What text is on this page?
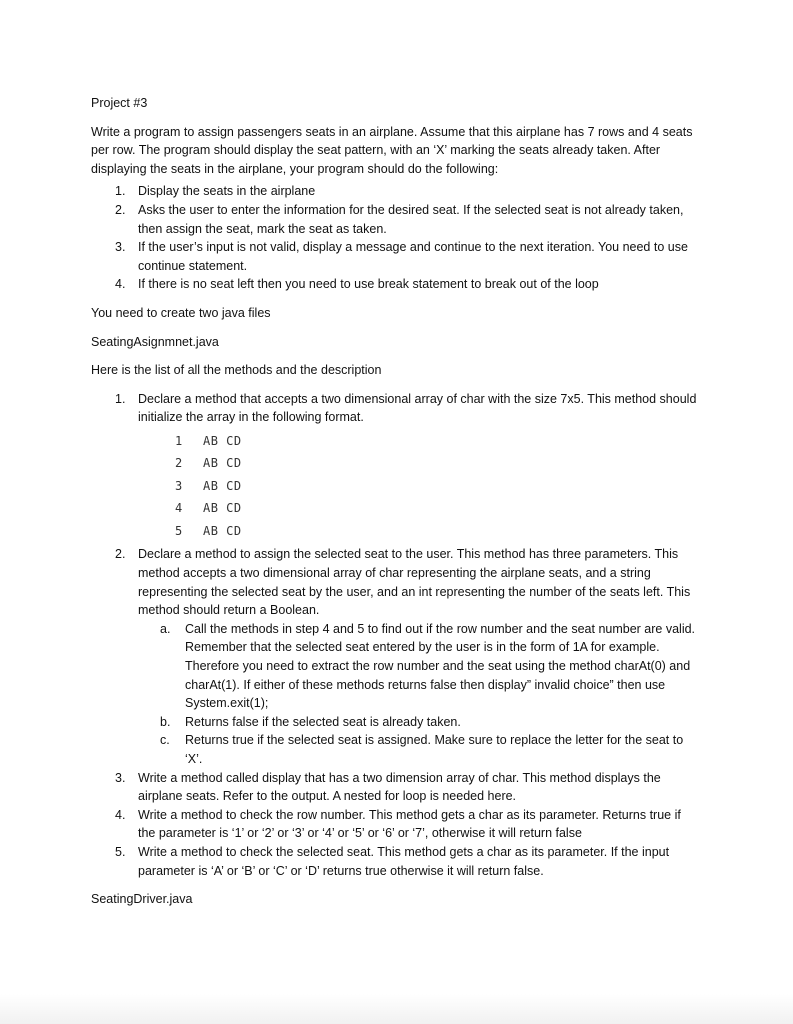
Project #3
Write a program to assign passengers seats in an airplane. Assume that this airplane has 7 rows and 4 seats per row. The program should display the seat pattern, with an ‘X’ marking the seats already taken. After displaying the seats in the airplane, your program should do the following:
1. Display the seats in the airplane
2. Asks the user to enter the information for the desired seat. If the selected seat is not already taken, then assign the seat, mark the seat as taken.
3. If the user’s input is not valid, display a message and continue to the next iteration. You need to use continue statement.
4. If there is no seat left then you need to use break statement to break out of the loop
You need to create two java files
SeatingAsignmnet.java
Here is the list of all the methods and the description
1. Declare a method that accepts a two dimensional array of char with the size 7x5. This method should initialize the array in the following format.
1	AB CD
2	AB CD
3	AB CD
4	AB CD
5	AB CD
2. Declare a method to assign the selected seat to the user. This method has three parameters. This method accepts a two dimensional array of char representing the airplane seats, and a string representing the selected seat by the user, and an int representing the number of the seats left. This method should return a Boolean.
a. Call the methods in step 4 and 5 to find out if the row number and the seat number are valid. Remember that the selected seat entered by the user is in the form of 1A for example. Therefore you need to extract the row number and the seat using the method charAt(0) and charAt(1). If either of these methods returns false then display” invalid choice” then use System.exit(1);
b. Returns false if the selected seat is already taken.
c. Returns true if the selected seat is assigned. Make sure to replace the letter for the seat to ‘X’.
3. Write a method called display that has a two dimension array of char. This method displays the airplane seats. Refer to the output. A nested for loop is needed here.
4. Write a method to check the row number. This method gets a char as its parameter. Returns true if the parameter is ‘1’ or ‘2’ or ‘3’ or ‘4’ or ‘5’ or ‘6’ or ‘7’, otherwise it will return false
5. Write a method to check the selected seat. This method gets a char as its parameter. If the input parameter is ‘A’ or ‘B’ or ‘C’ or ‘D’ returns true otherwise it will return false.
SeatingDriver.java
